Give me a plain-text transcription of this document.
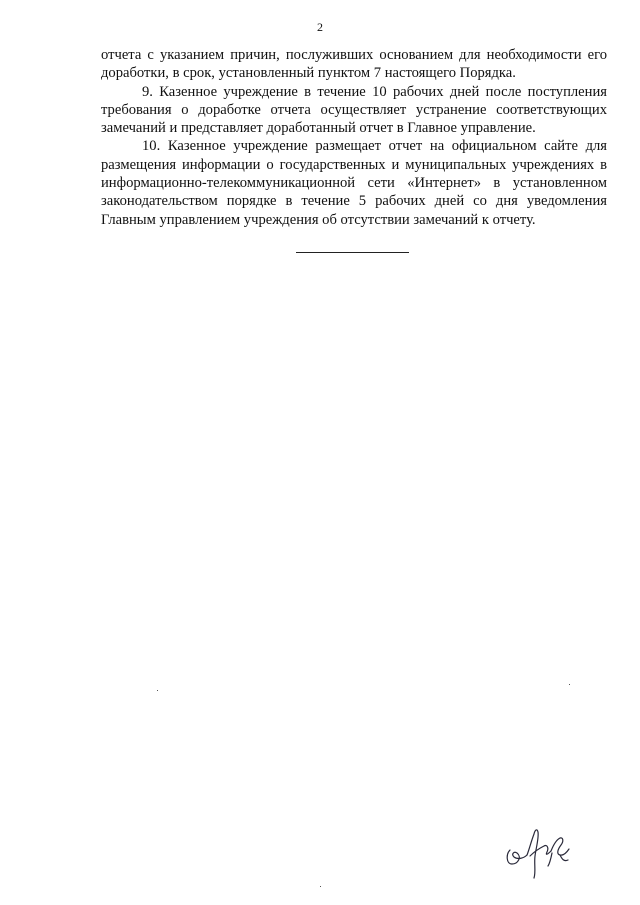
2

отчета с указанием причин, послуживших основанием для необходимости его доработки, в срок, установленный пунктом 7 настоящего Порядка.

9. Казенное учреждение в течение 10 рабочих дней после поступления требования о доработке отчета осуществляет устранение соответствующих замечаний и представляет доработанный отчет в Главное управление.

10. Казенное учреждение размещает отчет на официальном сайте для размещения информации о государственных и муниципальных учреждениях в информационно-телекоммуникационной сети «Интернет» в установленном законодательством порядке в течение 5 рабочих дней со дня уведомления Главным управлением учреждения об отсутствии замечаний к отчету.
